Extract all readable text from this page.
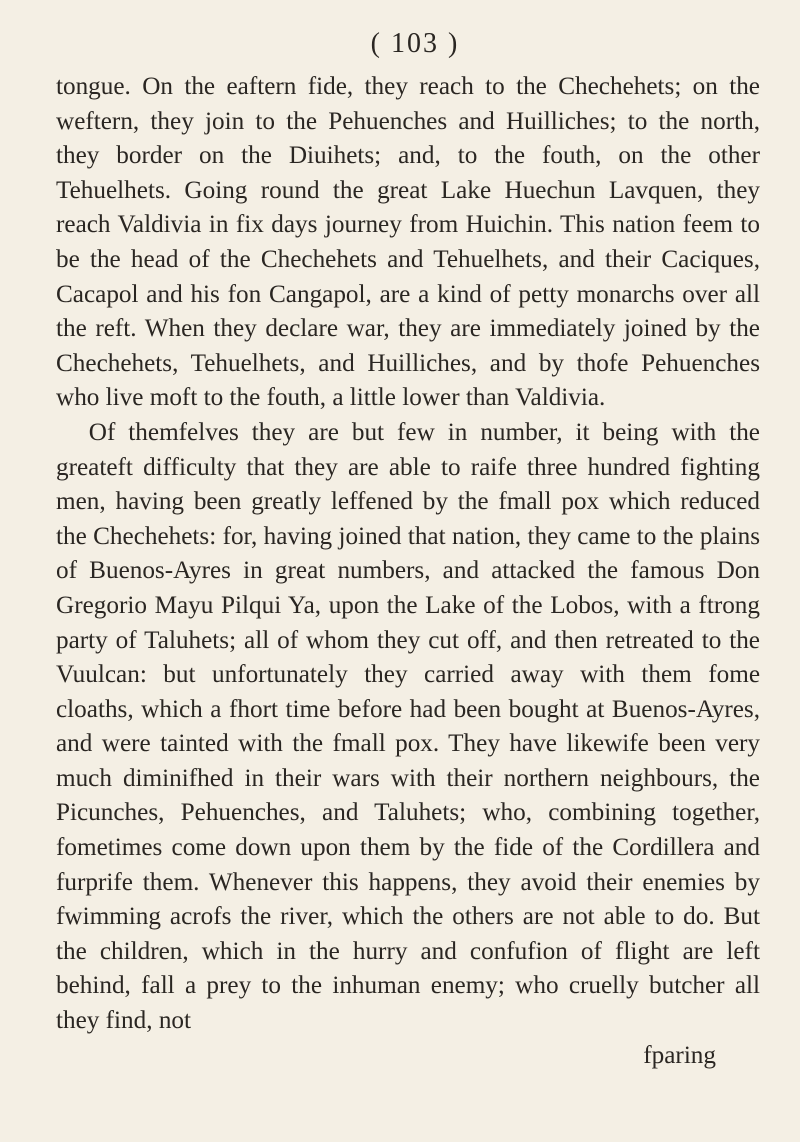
( 103 )

tongue. On the eaftern fide, they reach to the Chechehets; on the weftern, they join to the Pehuenches and Huilliches; to the north, they border on the Diuihets; and, to the fouth, on the other Tehuelhets. Going round the great Lake Huechun Lavquen, they reach Valdivia in fix days journey from Huichin. This nation feem to be the head of the Chechehets and Tehuelhets, and their Caciques, Cacapol and his fon Cangapol, are a kind of petty monarchs over all the reft. When they declare war, they are immediately joined by the Chechehets, Tehuelhets, and Huilliches, and by thofe Pehuenches who live moft to the fouth, a little lower than Valdivia.

Of themfelves they are but few in number, it being with the greateft difficulty that they are able to raife three hundred fighting men, having been greatly leffened by the fmall pox which reduced the Chechehets: for, having joined that nation, they came to the plains of Buenos-Ayres in great numbers, and attacked the famous Don Gregorio Mayu Pilqui Ya, upon the Lake of the Lobos, with a ftrong party of Taluhets; all of whom they cut off, and then retreated to the Vuulcan: but unfortunately they carried away with them fome cloaths, which a fhort time before had been bought at Buenos-Ayres, and were tainted with the fmall pox. They have likewife been very much diminifhed in their wars with their northern neighbours, the Picunches, Pehuenches, and Taluhets; who, combining together, fometimes come down upon them by the fide of the Cordillera and furprife them. Whenever this happens, they avoid their enemies by fwimming acrofs the river, which the others are not able to do. But the children, which in the hurry and confufion of flight are left behind, fall a prey to the inhuman enemy; who cruelly butcher all they find, not

fparing
